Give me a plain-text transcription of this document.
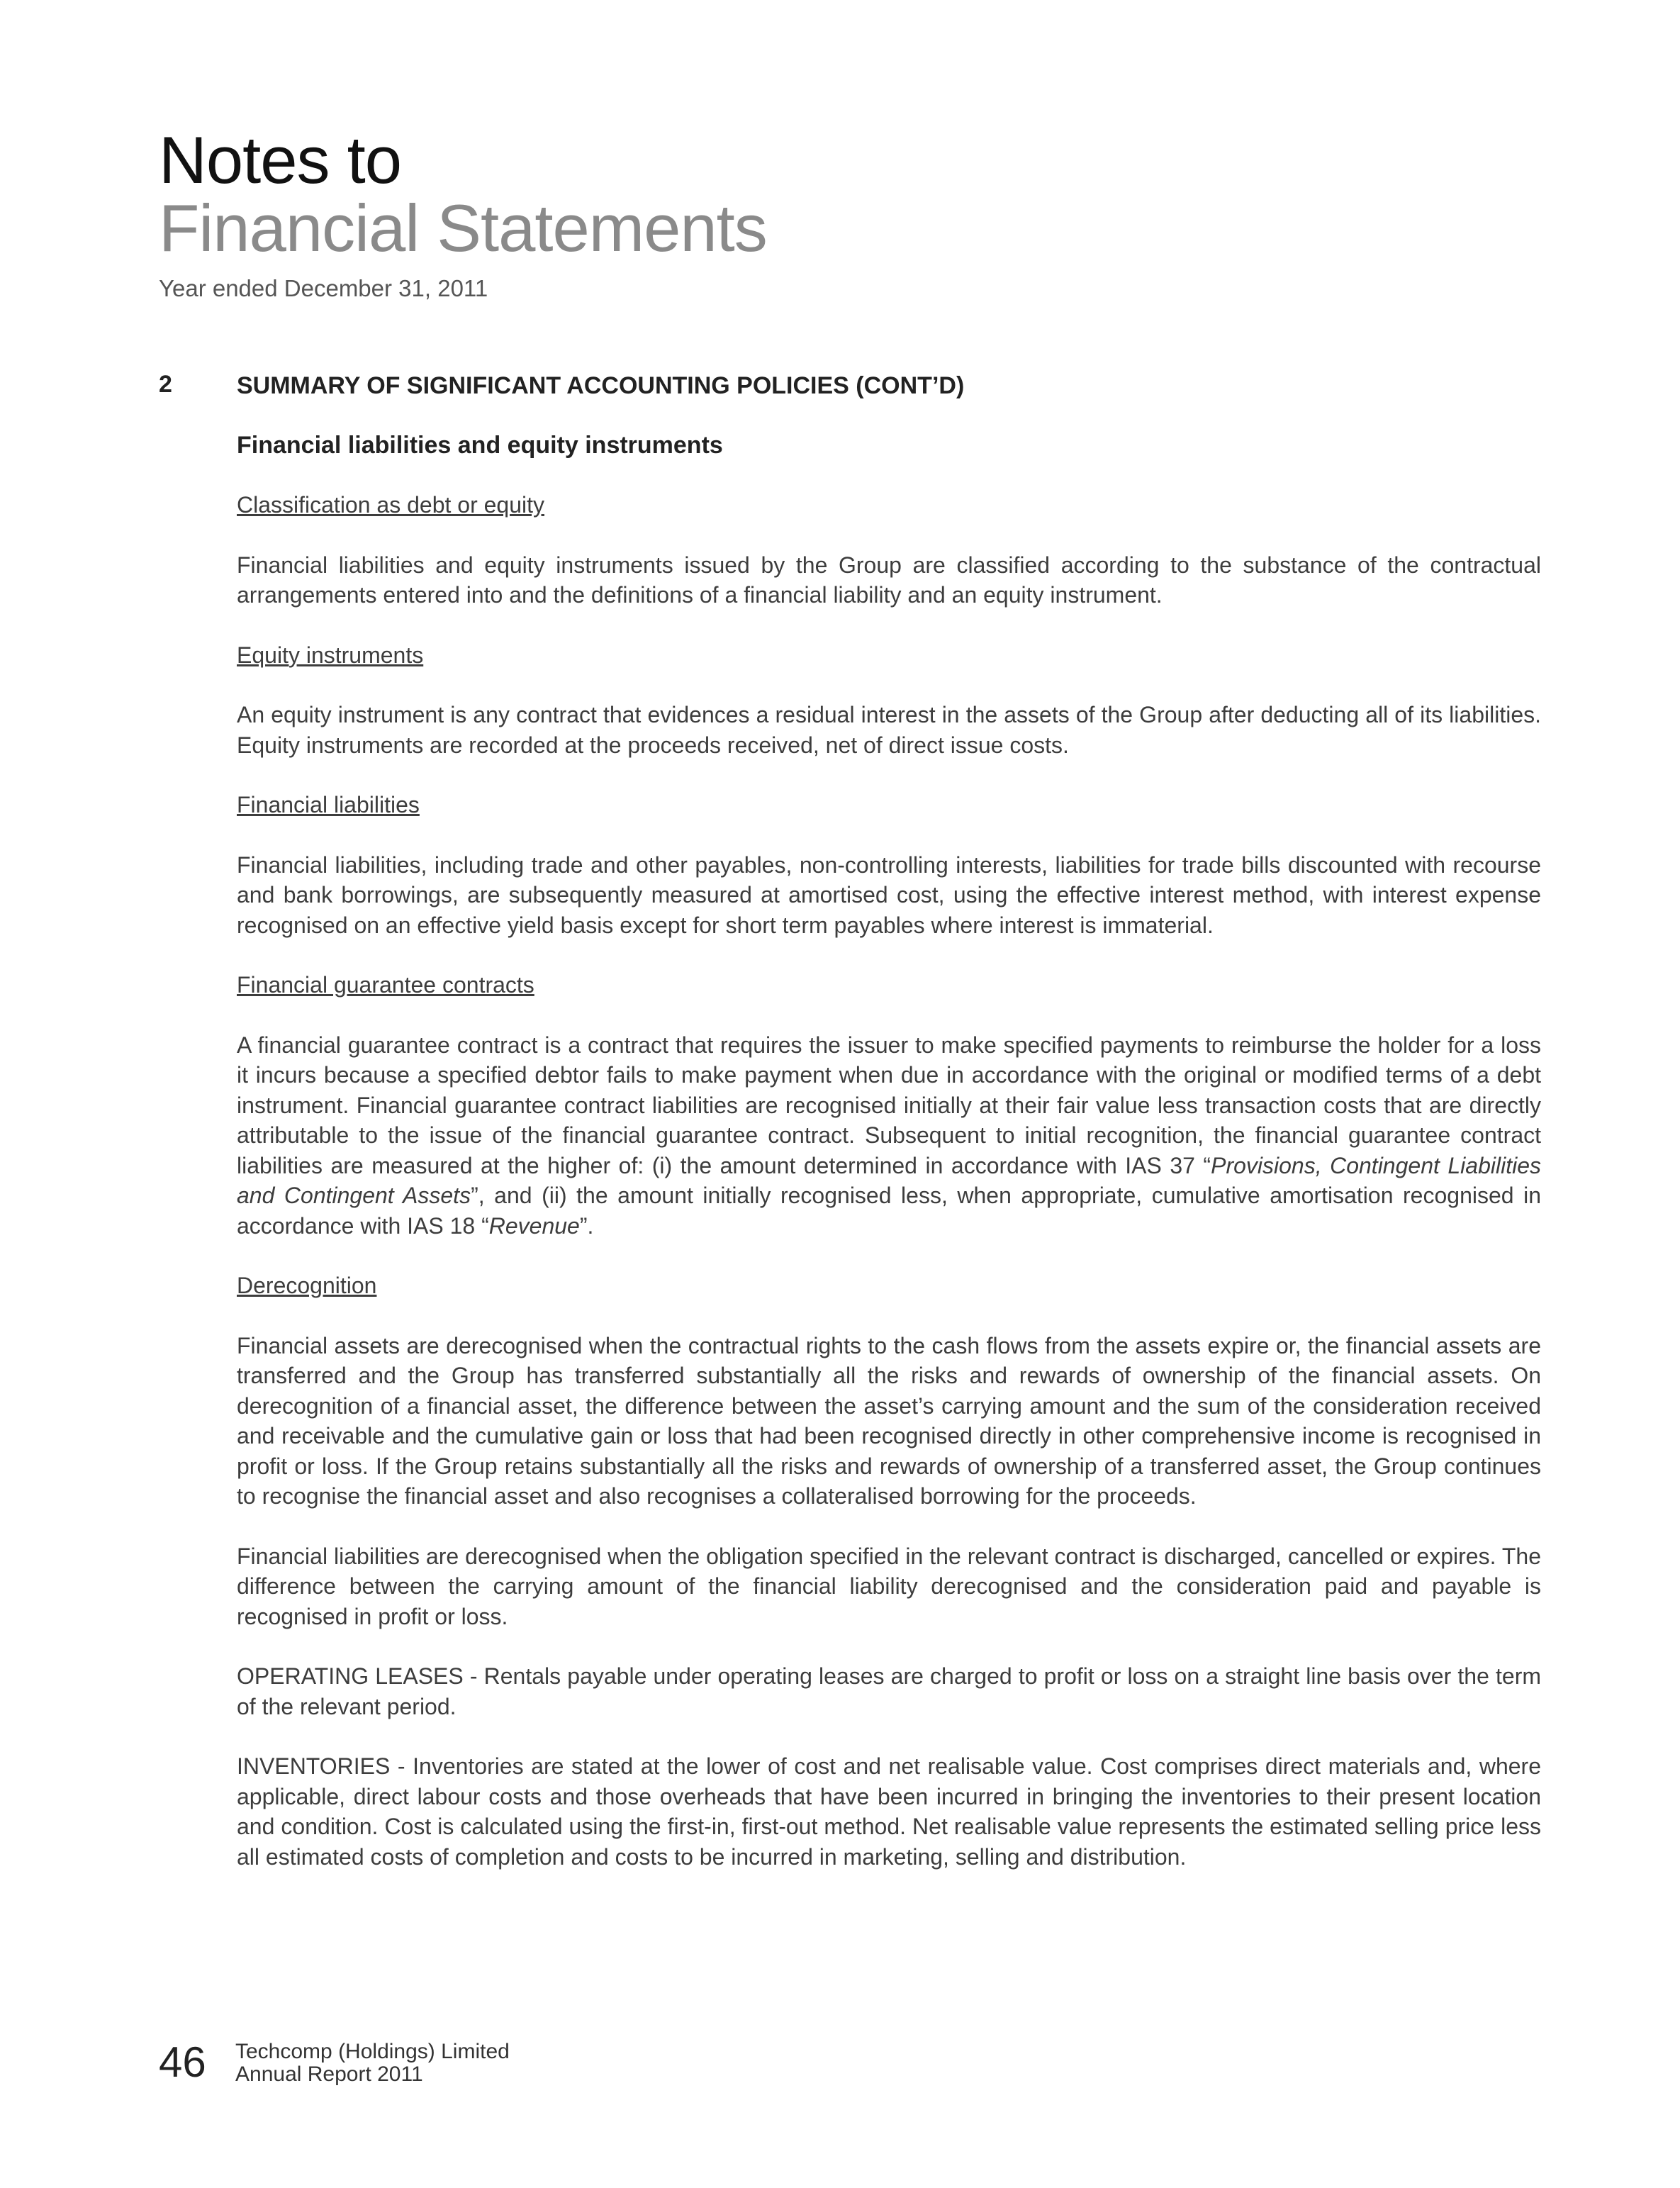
Notes to
Financial Statements
Year ended December 31, 2011
2	SUMMARY OF SIGNIFICANT ACCOUNTING POLICIES (CONT’D)
Financial liabilities and equity instruments
Classification as debt or equity

Financial liabilities and equity instruments issued by the Group are classified according to the substance of the contractual arrangements entered into and the definitions of a financial liability and an equity instrument.

Equity instruments

An equity instrument is any contract that evidences a residual interest in the assets of the Group after deducting all of its liabilities. Equity instruments are recorded at the proceeds received, net of direct issue costs.

Financial liabilities

Financial liabilities, including trade and other payables, non-controlling interests, liabilities for trade bills discounted with recourse and bank borrowings, are subsequently measured at amortised cost, using the effective interest method, with interest expense recognised on an effective yield basis except for short term payables where interest is immaterial.

Financial guarantee contracts

A financial guarantee contract is a contract that requires the issuer to make specified payments to reimburse the holder for a loss it incurs because a specified debtor fails to make payment when due in accordance with the original or modified terms of a debt instrument. Financial guarantee contract liabilities are recognised initially at their fair value less transaction costs that are directly attributable to the issue of the financial guarantee contract. Subsequent to initial recognition, the financial guarantee contract liabilities are measured at the higher of: (i) the amount determined in accordance with IAS 37 “Provisions, Contingent Liabilities and Contingent Assets”, and (ii) the amount initially recognised less, when appropriate, cumulative amortisation recognised in accordance with IAS 18 “Revenue”.

Derecognition

Financial assets are derecognised when the contractual rights to the cash flows from the assets expire or, the financial assets are transferred and the Group has transferred substantially all the risks and rewards of ownership of the financial assets. On derecognition of a financial asset, the difference between the asset’s carrying amount and the sum of the consideration received and receivable and the cumulative gain or loss that had been recognised directly in other comprehensive income is recognised in profit or loss. If the Group retains substantially all the risks and rewards of ownership of a transferred asset, the Group continues to recognise the financial asset and also recognises a collateralised borrowing for the proceeds.

Financial liabilities are derecognised when the obligation specified in the relevant contract is discharged, cancelled or expires. The difference between the carrying amount of the financial liability derecognised and the consideration paid and payable is recognised in profit or loss.

OPERATING LEASES - Rentals payable under operating leases are charged to profit or loss on a straight line basis over the term of the relevant period.

INVENTORIES - Inventories are stated at the lower of cost and net realisable value. Cost comprises direct materials and, where applicable, direct labour costs and those overheads that have been incurred in bringing the inventories to their present location and condition. Cost is calculated using the first-in, first-out method. Net realisable value represents the estimated selling price less all estimated costs of completion and costs to be incurred in marketing, selling and distribution.

46 Techcomp (Holdings) Limited
Annual Report 2011
